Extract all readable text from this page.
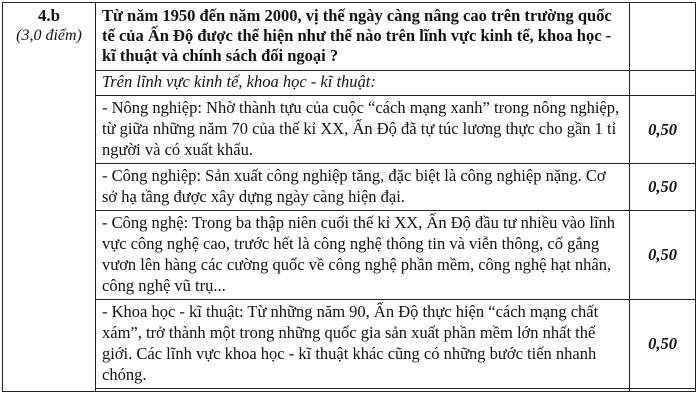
4.b
(3,0 điểm)	Từ năm 1950 đến năm 2000, vị thế ngày càng nâng cao trên trường quốc tế của Ấn Độ được thể hiện như thế nào trên lĩnh vực kinh tế, khoa học - kĩ thuật và chính sách đối ngoại ?	
	Trên lĩnh vực kinh tế, khoa học - kĩ thuật:	
	- Nông nghiệp: Nhờ thành tựu của cuộc “cách mạng xanh” trong nông nghiệp, từ giữa những năm 70 của thế kỉ XX, Ấn Độ đã tự túc lương thực cho gần 1 tỉ người và có xuất khẩu.	0,50
	- Công nghiệp: Sản xuất công nghiệp tăng, đặc biệt là công nghiệp nặng. Cơ sở hạ tầng được xây dựng ngày càng hiện đại.	0,50
	- Công nghệ: Trong ba thập niên cuối thế kỉ XX, Ấn Độ đầu tư nhiều vào lĩnh vực công nghệ cao, trước hết là công nghệ thông tin và viễn thông, cố gắng vươn lên hàng các cường quốc về công nghệ phần mềm, công nghệ hạt nhân, công nghệ vũ trụ...	0,50
	- Khoa học - kĩ thuật: Từ những năm 90, Ấn Độ thực hiện “cách mạng chất xám”, trở thành một trong những quốc gia sản xuất phần mềm lớn nhất thế giới. Các lĩnh vực khoa học - kĩ thuật khác cũng có những bước tiến nhanh chóng.	0,50
